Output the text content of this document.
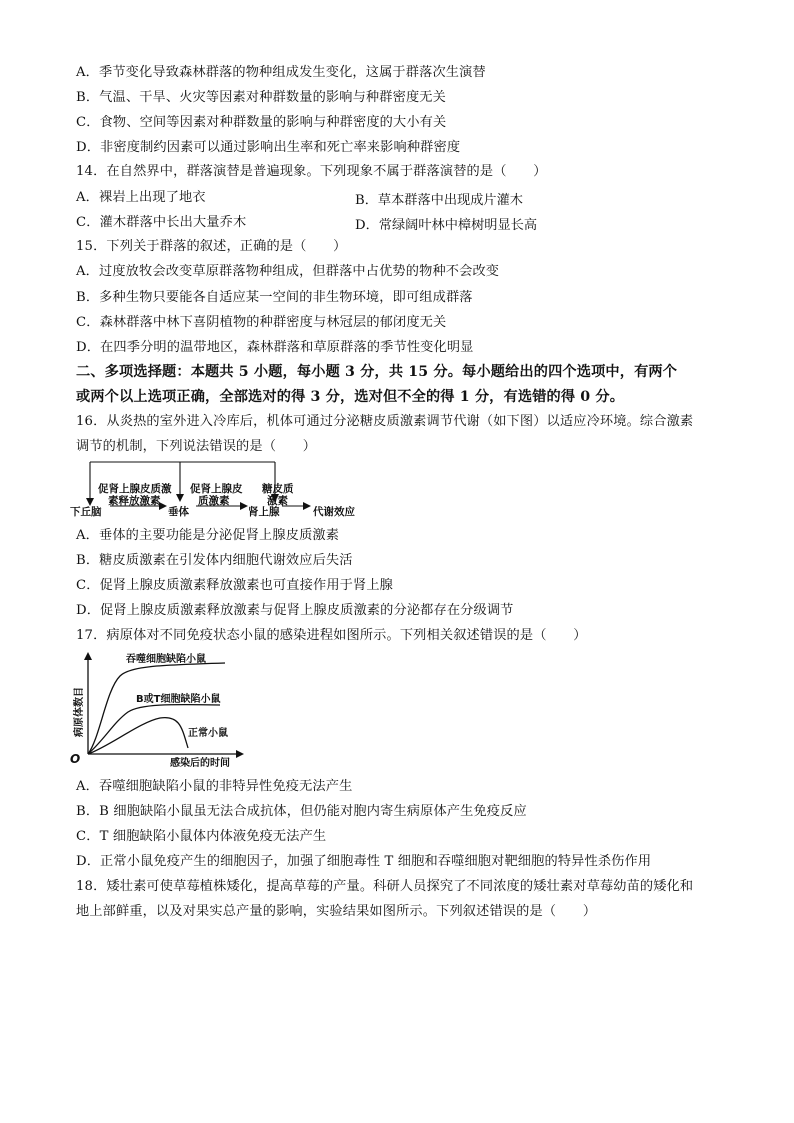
A．季节变化导致森林群落的物种组成发生变化，这属于群落次生演替
B．气温、干旱、火灾等因素对种群数量的影响与种群密度无关
C．食物、空间等因素对种群数量的影响与种群密度的大小有关
D．非密度制约因素可以通过影响出生率和死亡率来影响种群密度
14．在自然界中，群落演替是普遍现象。下列现象不属于群落演替的是（　　）
A．裸岩上出现了地衣	B．草本群落中出现成片灌木
C．灌木群落中长出大量乔木	D．常绿阔叶林中樟树明显长高
15．下列关于群落的叙述，正确的是（　　）
A．过度放牧会改变草原群落物种组成，但群落中占优势的物种不会改变
B．多种生物只要能各自适应某一空间的非生物环境，即可组成群落
C．森林群落中林下喜阴植物的种群密度与林冠层的郁闭度无关
D．在四季分明的温带地区，森林群落和草原群落的季节性变化明显
二、多项选择题：本题共 5 小题，每小题 3 分，共 15 分。每小题给出的四个选项中，有两个
或两个以上选项正确，全部选对的得 3 分，选对但不全的得 1 分，有选错的得 0 分。
16．从炎热的室外进入冷库后，机体可通过分泌糖皮质激素调节代谢（如下图）以适应冷环境。综合激素
调节的机制，下列说法错误的是（　　）
下丘脑
促肾上腺皮质激
素释放激素
垂体
促肾上腺皮
质激素
肾上腺
糖皮质
激素
代谢效应
A．垂体的主要功能是分泌促肾上腺皮质激素
B．糖皮质激素在引发体内细胞代谢效应后失活
C．促肾上腺皮质激素释放激素也可直接作用于肾上腺
D．促肾上腺皮质激素释放激素与促肾上腺皮质激素的分泌都存在分级调节
17．病原体对不同免疫状态小鼠的感染进程如图所示。下列相关叙述错误的是（　　）
O
病原体数目
感染后的时间
吞噬细胞缺陷小鼠
B或T细胞缺陷小鼠
正常小鼠
A．吞噬细胞缺陷小鼠的非特异性免疫无法产生
B．B 细胞缺陷小鼠虽无法合成抗体，但仍能对胞内寄生病原体产生免疫反应
C．T 细胞缺陷小鼠体内体液免疫无法产生
D．正常小鼠免疫产生的细胞因子，加强了细胞毒性 T 细胞和吞噬细胞对靶细胞的特异性杀伤作用
18．矮壮素可使草莓植株矮化，提高草莓的产量。科研人员探究了不同浓度的矮壮素对草莓幼苗的矮化和
地上部鲜重，以及对果实总产量的影响，实验结果如图所示。下列叙述错误的是（　　）
